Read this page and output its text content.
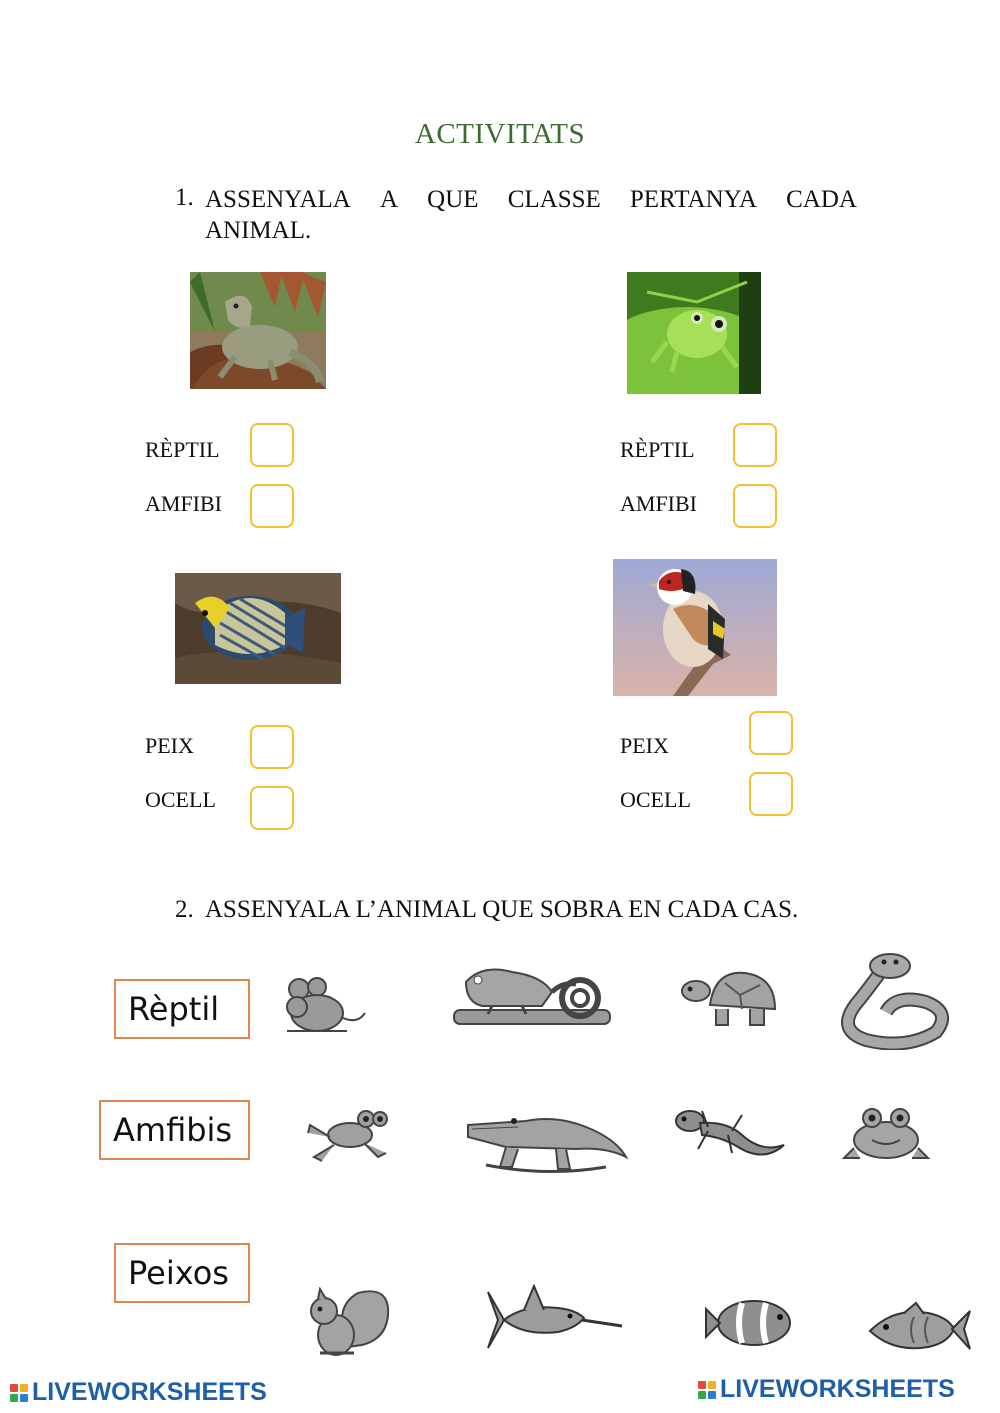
ACTIVITATS
1. ASSENYALA A QUE CLASSE PERTANYA CADA
ANIMAL.
RÈPTIL
AMFIBI
RÈPTIL
AMFIBI
PEIX
OCELL
PEIX
OCELL
2. ASSENYALA L’ANIMAL QUE SOBRA EN CADA CAS.
Rèptil
Amfibis
Peixos
LIVEWORKSHEETS	LIVEWORKSHEETS
